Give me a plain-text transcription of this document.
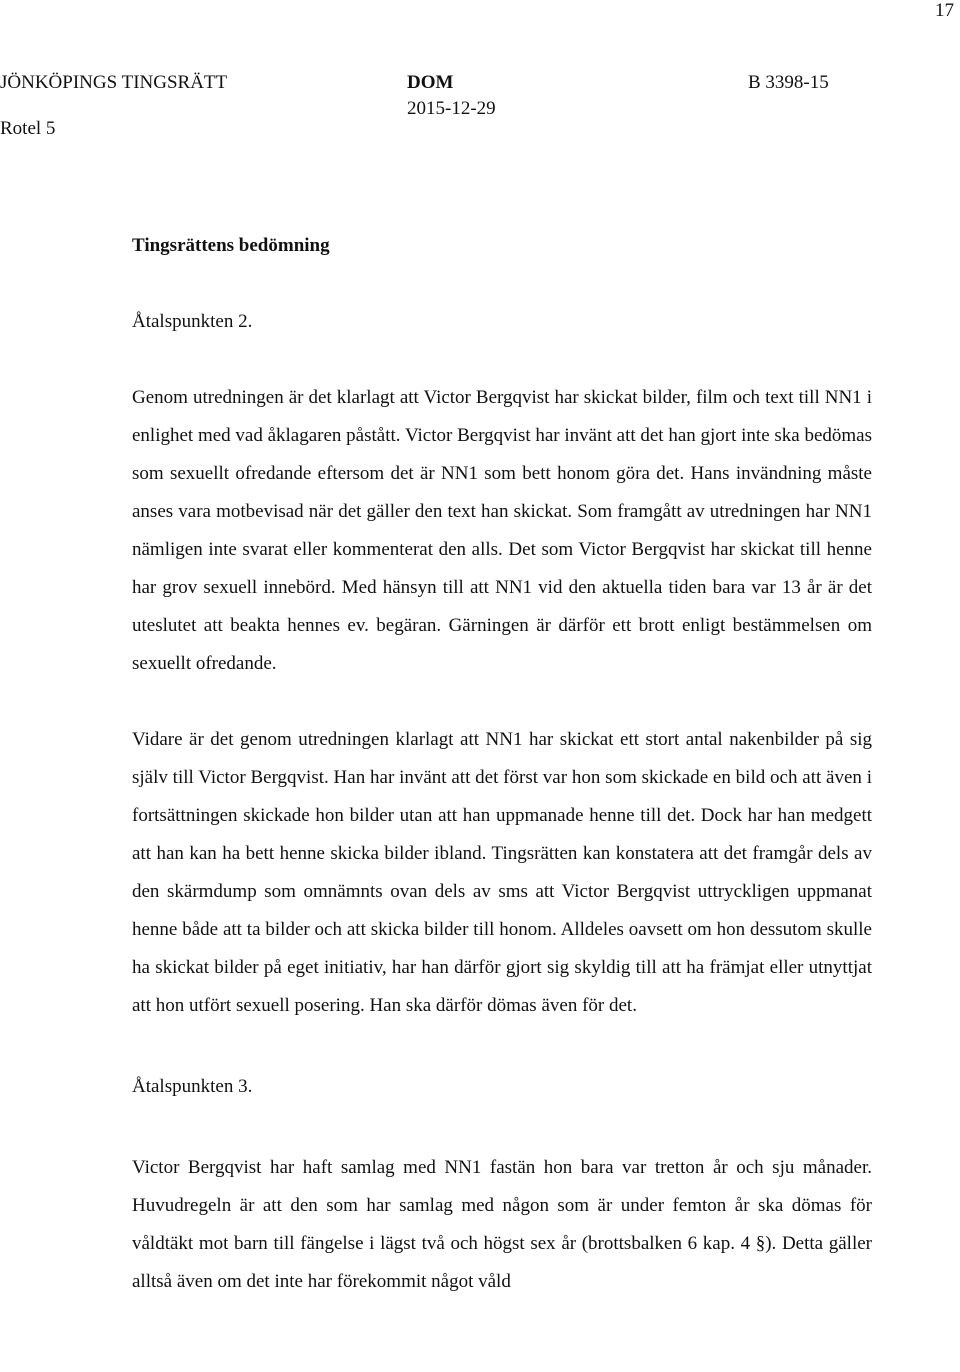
17
JÖNKÖPINGS TINGSRÄTT
Rotel 5
DOM
2015-12-29
B 3398-15

Tingsrättens bedömning

Åtalspunkten 2.

Genom utredningen är det klarlagt att Victor Bergqvist har skickat bilder, film och text till NN1 i enlighet med vad åklagaren påstått. Victor Bergqvist har invänt att det han gjort inte ska bedömas som sexuellt ofredande eftersom det är NN1 som bett honom göra det. Hans invändning måste anses vara motbevisad när det gäller den text han skickat. Som framgått av utredningen har NN1 nämligen inte svarat eller kommenterat den alls. Det som Victor Bergqvist har skickat till henne har grov sexuell innebörd. Med hänsyn till att NN1 vid den aktuella tiden bara var 13 år är det uteslutet att beakta hennes ev. begäran. Gärningen är därför ett brott enligt bestämmelsen om sexuellt ofredande.

Vidare är det genom utredningen klarlagt att NN1 har skickat ett stort antal nakenbilder på sig själv till Victor Bergqvist. Han har invänt att det först var hon som skickade en bild och att även i fortsättningen skickade hon bilder utan att han uppmanade henne till det. Dock har han medgett att han kan ha bett henne skicka bilder ibland. Tingsrätten kan konstatera att det framgår dels av den skärmdump som omnämnts ovan dels av sms att Victor Bergqvist uttryckligen uppmanat henne både att ta bilder och att skicka bilder till honom. Alldeles oavsett om hon dessutom skulle ha skickat bilder på eget initiativ, har han därför gjort sig skyldig till att ha främjat eller utnyttjat att hon utfört sexuell posering. Han ska därför dömas även för det.

Åtalspunkten 3.

Victor Bergqvist har haft samlag med NN1 fastän hon bara var tretton år och sju månader. Huvudregeln är att den som har samlag med någon som är under femton år ska dömas för våldtäkt mot barn till fängelse i lägst två och högst sex år (brottsbalken 6 kap. 4 §). Detta gäller alltså även om det inte har förekommit något våld
